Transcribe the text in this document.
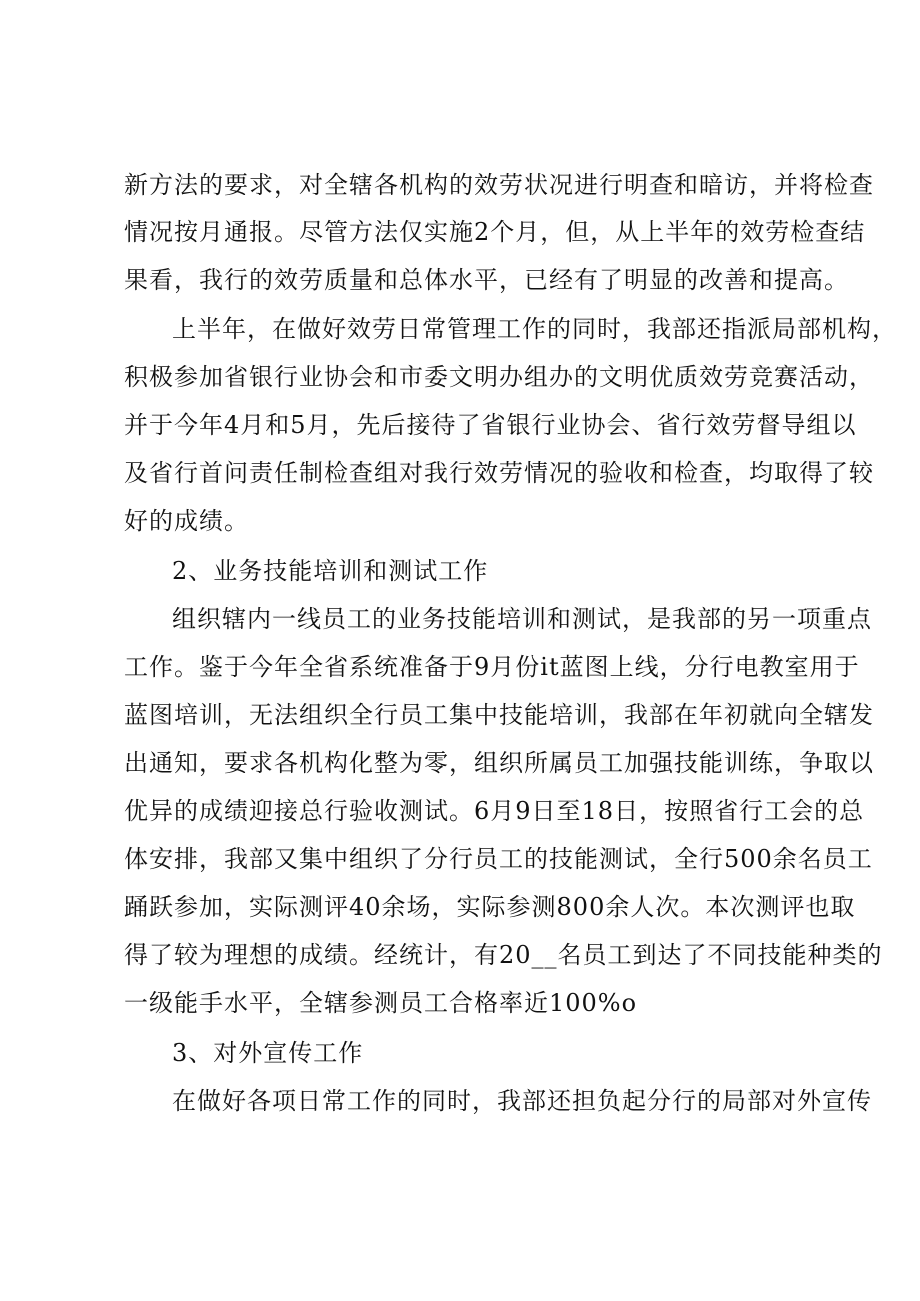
新方法的要求，对全辖各机构的效劳状况进行明查和暗访，并将检查
情况按月通报。尽管方法仅实施2个月，但，从上半年的效劳检查结
果看，我行的效劳质量和总体水平，已经有了明显的改善和提高。
上半年，在做好效劳日常管理工作的同时，我部还指派局部机构，
积极参加省银行业协会和市委文明办组办的文明优质效劳竞赛活动，
并于今年4月和5月，先后接待了省银行业协会、省行效劳督导组以
及省行首问责任制检查组对我行效劳情况的验收和检查，均取得了较
好的成绩。
2、业务技能培训和测试工作
组织辖内一线员工的业务技能培训和测试，是我部的另一项重点
工作。鉴于今年全省系统准备于9月份it蓝图上线，分行电教室用于
蓝图培训，无法组织全行员工集中技能培训，我部在年初就向全辖发
出通知，要求各机构化整为零，组织所属员工加强技能训练，争取以
优异的成绩迎接总行验收测试。6月9日至18日，按照省行工会的总
体安排，我部又集中组织了分行员工的技能测试，全行500余名员工
踊跃参加，实际测评40余场，实际参测800余人次。本次测评也取
得了较为理想的成绩。经统计，有20__名员工到达了不同技能种类的
一级能手水平，全辖参测员工合格率近100%o
3、对外宣传工作
在做好各项日常工作的同时，我部还担负起分行的局部对外宣传
